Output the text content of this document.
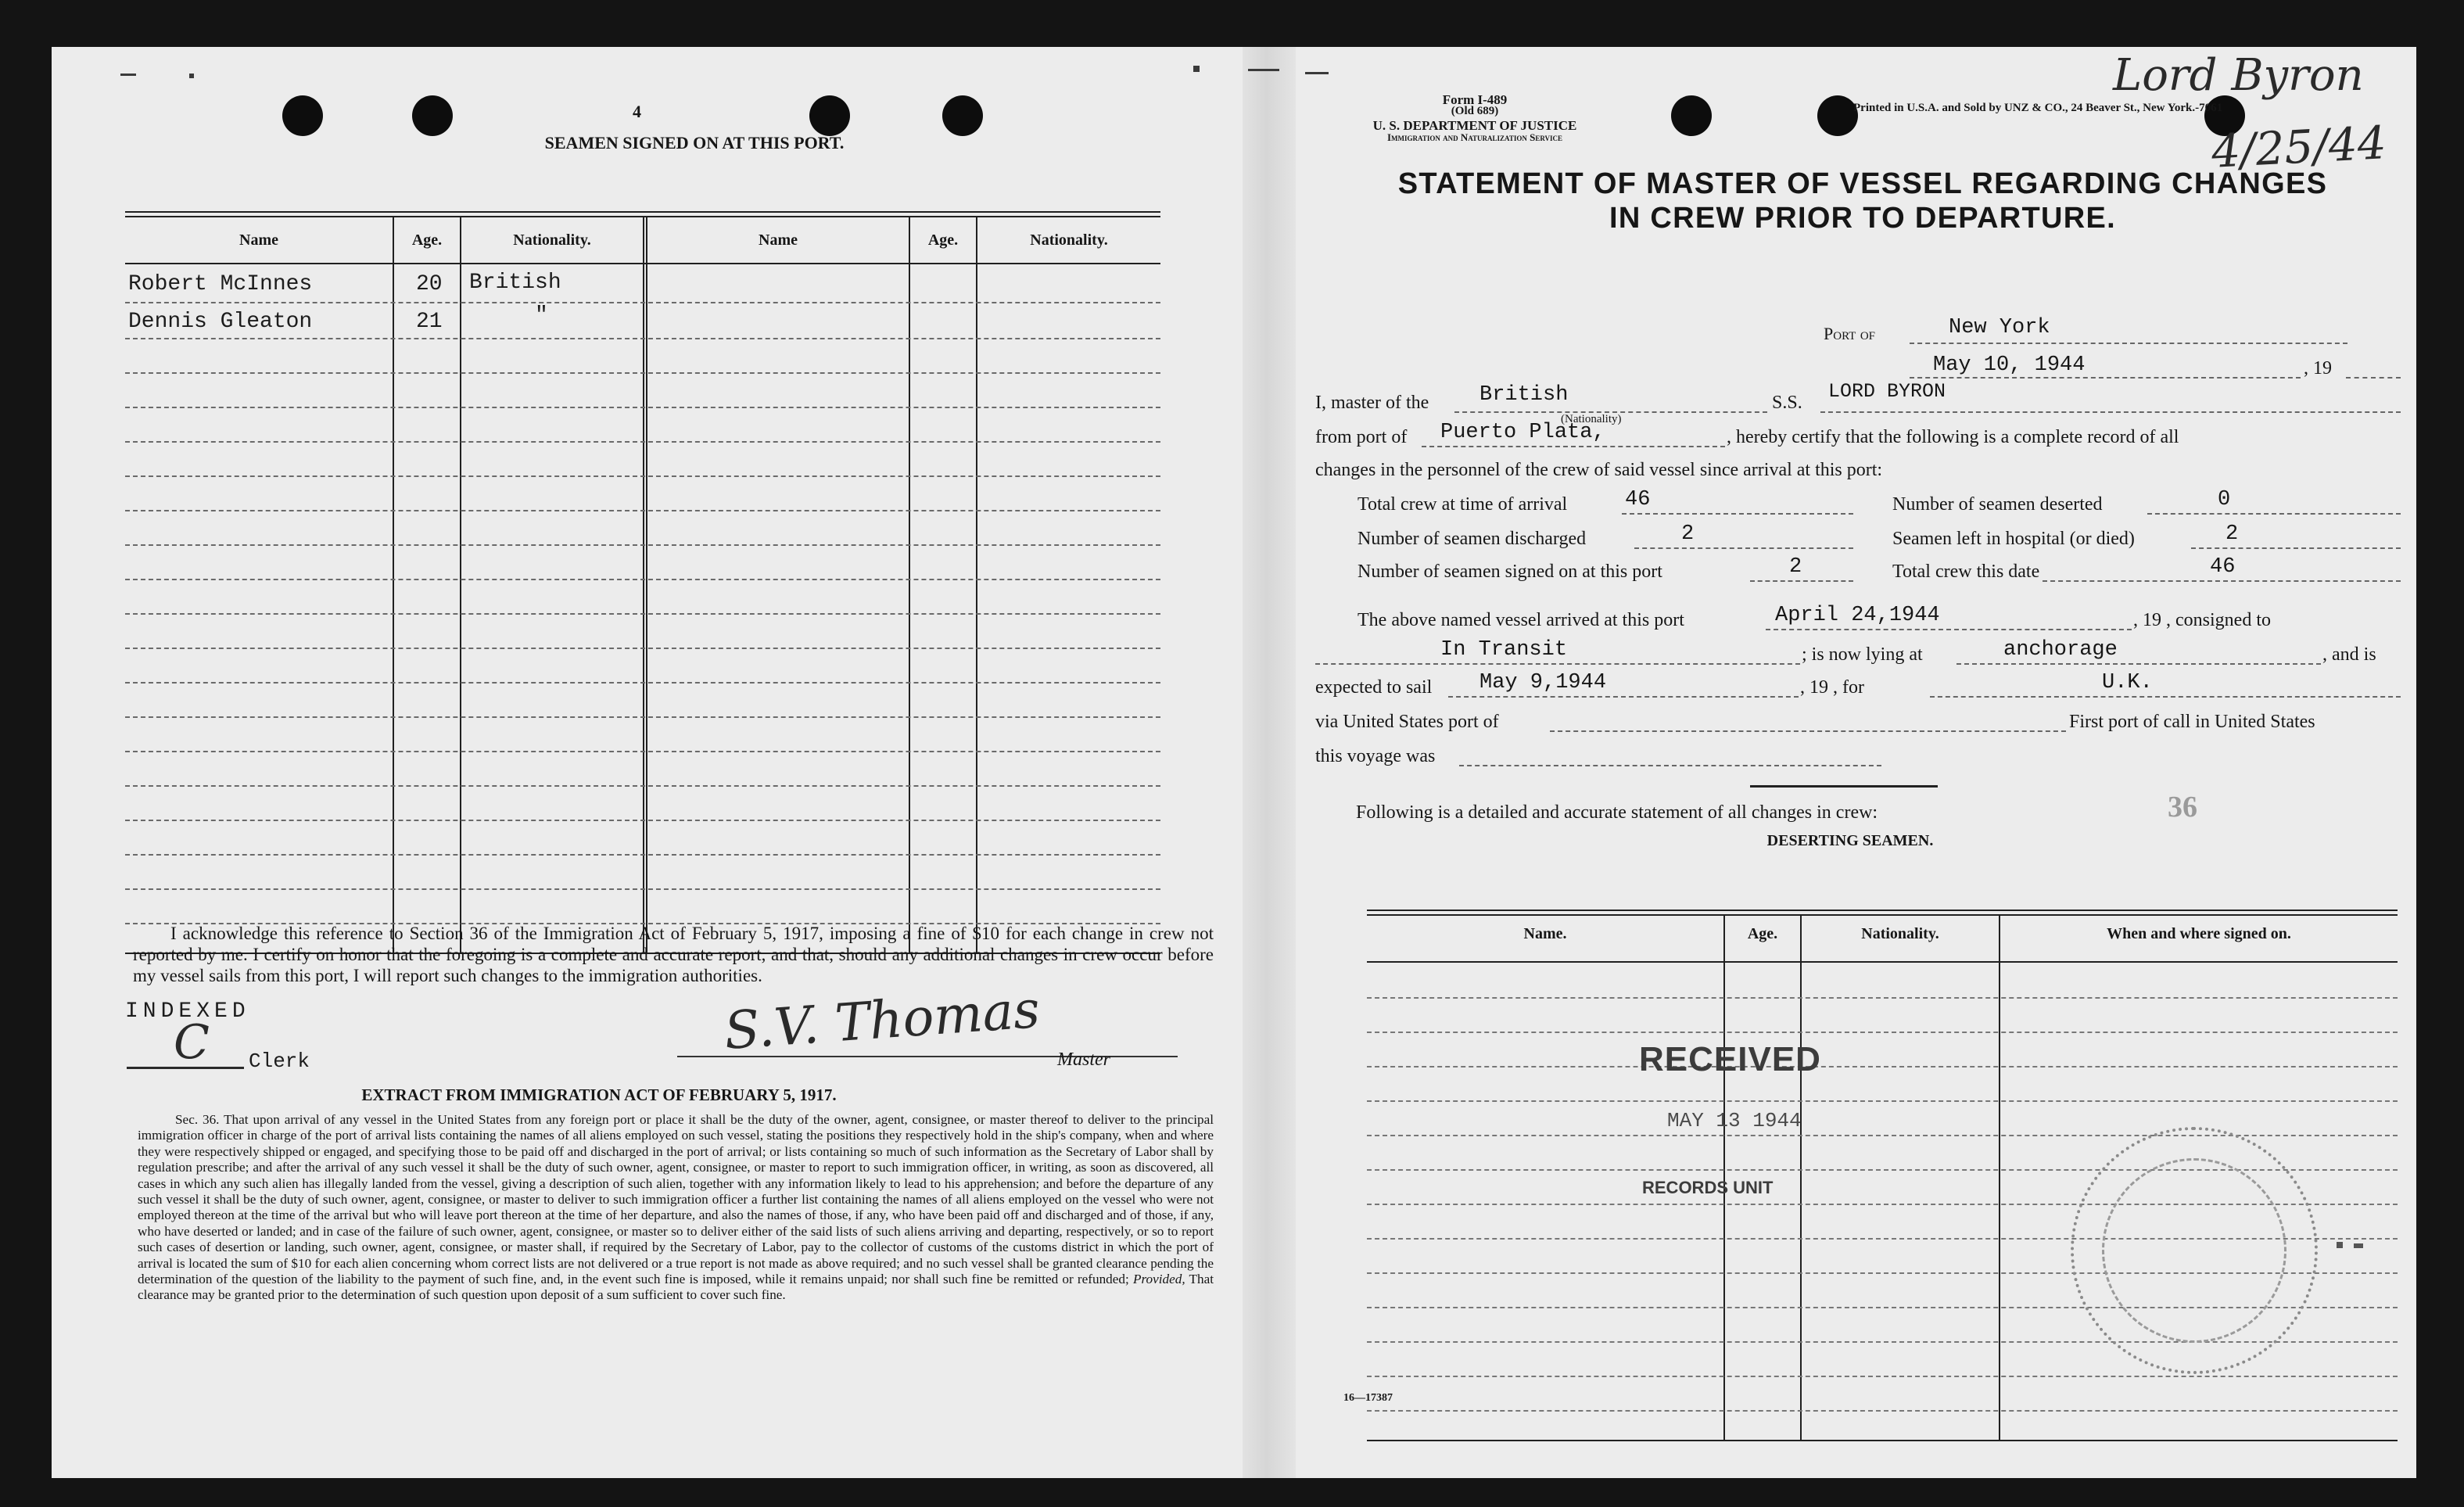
4
SEAMEN SIGNED ON AT THIS PORT.
Name	Age.	Nationality.	Name	Age.	Nationality.
Robert McInnes	20 British
Dennis Gleaton	21	"
I acknowledge this reference to Section 36 of the Immigration Act of February 5, 1917, imposing a fine of $10 for each change in crew not reported by me. I certify on honor that the foregoing is a complete and accurate report, and that, should any additional changes in crew occur before my vessel sails from this port, I will report such changes to the immigration authorities.
INDEXED
C Clerk
S.V. Thomas Master
EXTRACT FROM IMMIGRATION ACT OF FEBRUARY 5, 1917.
Sec. 36. That upon arrival of any vessel in the United States from any foreign port or place it shall be the duty of the owner, agent, consignee, or master thereof to deliver to the principal immigration officer in charge of the port of arrival lists containing the names of all aliens employed on such vessel, stating the positions they respectively hold in the ship's company, when and where they were respectively shipped or engaged, and specifying those to be paid off and discharged in the port of arrival; or lists containing so much of such information as the Secretary of Labor shall by regulation prescribe; and after the arrival of any such vessel it shall be the duty of such owner, agent, consignee, or master to report to such immigration officer, in writing, as soon as discovered, all cases in which any such alien has illegally landed from the vessel, giving a description of such alien, together with any information likely to lead to his apprehension; and before the departure of any such vessel it shall be the duty of such owner, agent, consignee, or master to deliver to such immigration officer a further list containing the names of all aliens employed on the vessel who were not employed thereon at the time of the arrival but who will leave port thereon at the time of her departure, and also the names of those, if any, who have been paid off and discharged and of those, if any, who have deserted or landed; and in case of the failure of such owner, agent, consignee, or master so to deliver either of the said lists of such aliens arriving and departing, respectively, or so to report such cases of desertion or landing, such owner, agent, consignee, or master shall, if required by the Secretary of Labor, pay to the collector of customs of the customs district in which the port of arrival is located the sum of $10 for each alien concerning whom correct lists are not delivered or a true report is not made as above required; and no such vessel shall be granted clearance pending the determination of the question of the liability to the payment of such fine, and, in the event such fine is imposed, while it remains unpaid; nor shall such fine be remitted or refunded; Provided, That clearance may be granted prior to the determination of such question upon deposit of a sum sufficient to cover such fine.
Form I-489
(Old 689)
U. S. DEPARTMENT OF JUSTICE
Immigration and Naturalization Service
Printed in U.S.A. and Sold by UNZ & CO., 24 Beaver St., New York.-7061
Lord Byron
4/25/44
STATEMENT OF MASTER OF VESSEL REGARDING CHANGES
IN CREW PRIOR TO DEPARTURE.
Port of	New York
May 10, 1944	, 19
I, master of the British
(Nationality)
S.S. LORD BYRON
from port of Puerto Plata,	, hereby certify that the following is a complete record of all
changes in the personnel of the crew of said vessel since arrival at this port:
Total crew at time of arrival	46	Number of seamen deserted	0
Number of seamen discharged	2	Seamen left in hospital (or died)	2
Number of seamen signed on at this port	2	Total crew this date	46
The above named vessel arrived at this port	April 24,1944	, 19 , consigned to
In Transit	; is now lying at	anchorage	, and is
expected to sail May 9,1944	, 19 , for	U.K.
via United States port of	First port of call in United States
this voyage was
36
Following is a detailed and accurate statement of all changes in crew:
DESERTING SEAMEN.
Name.	Age.	Nationality.	When and where signed on.
RECEIVED
MAY 13 1944
RECORDS UNIT
16—17387
